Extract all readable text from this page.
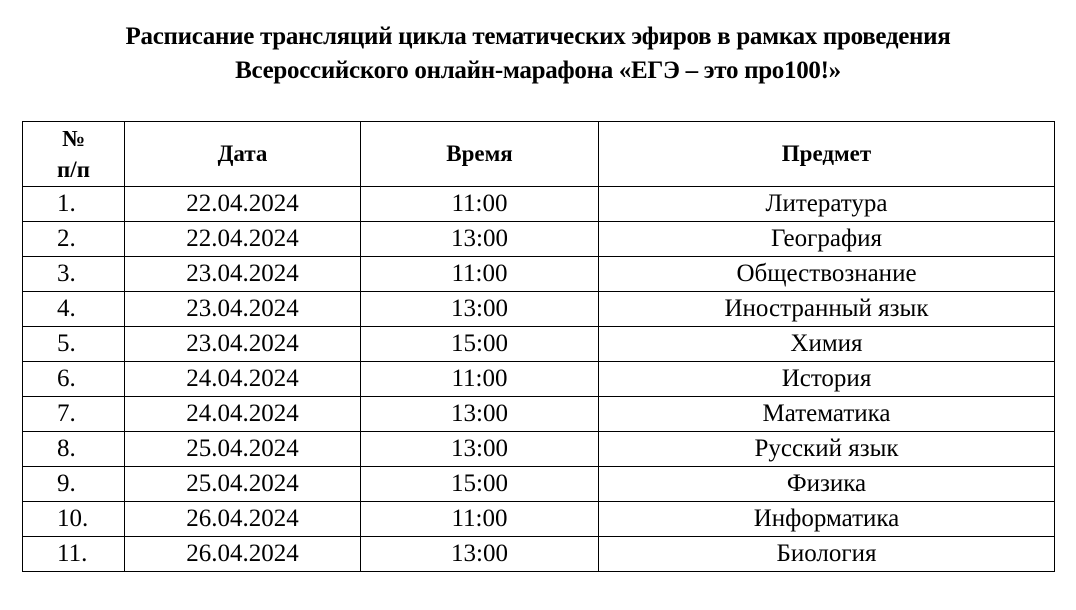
Расписание трансляций цикла тематических эфиров в рамках проведения
Всероссийского онлайн-марафона «ЕГЭ – это про100!»
№
п/п	Дата	Время	Предмет
1.	22.04.2024	11:00	Литература
2.	22.04.2024	13:00	География
3.	23.04.2024	11:00	Обществознание
4.	23.04.2024	13:00	Иностранный язык
5.	23.04.2024	15:00	Химия
6.	24.04.2024	11:00	История
7.	24.04.2024	13:00	Математика
8.	25.04.2024	13:00	Русский язык
9.	25.04.2024	15:00	Физика
10.	26.04.2024	11:00	Информатика
11.	26.04.2024	13:00	Биология
